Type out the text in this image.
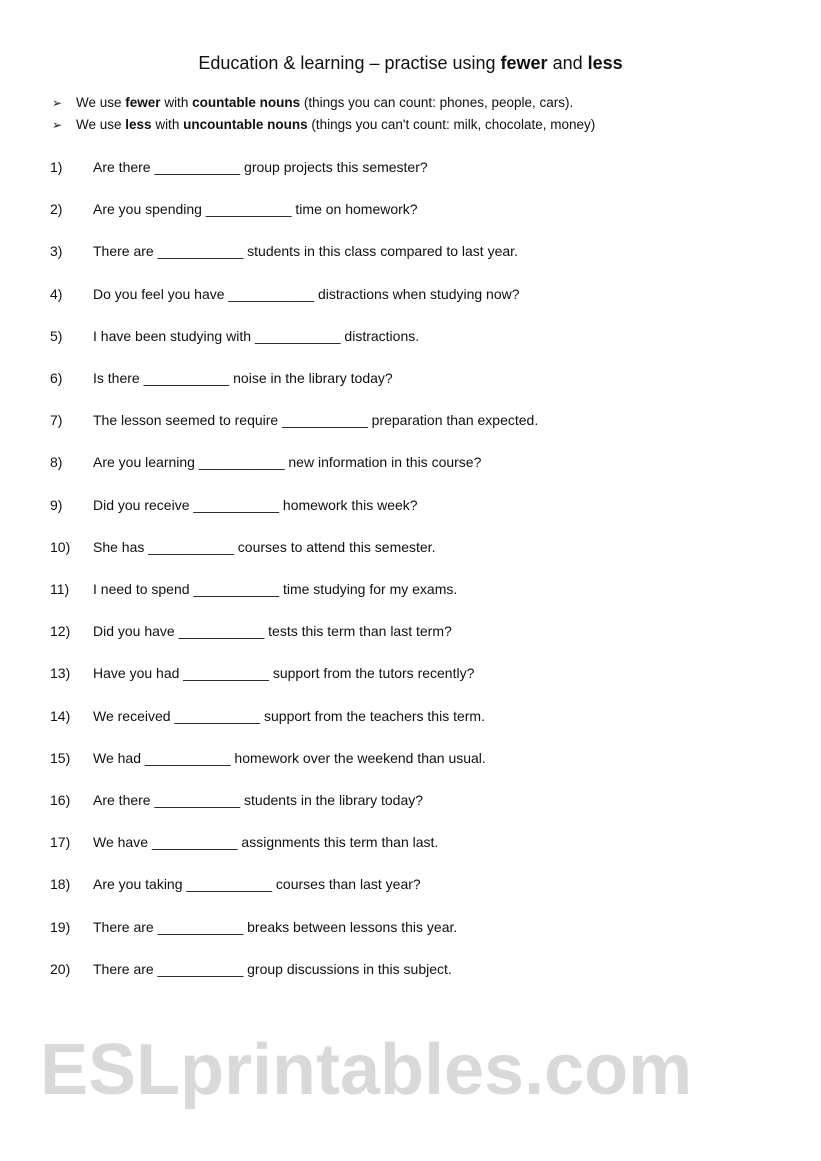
ESLprintables.com
Education & learning – practise using fewer and less
➢ We use fewer with countable nouns (things you can count: phones, people, cars).
➢ We use less with uncountable nouns (things you can't count: milk, chocolate, money)
1) Are there ___________ group projects this semester?
2) Are you spending ___________ time on homework?
3) There are ___________ students in this class compared to last year.
4) Do you feel you have ___________ distractions when studying now?
5) I have been studying with ___________ distractions.
6) Is there ___________ noise in the library today?
7) The lesson seemed to require ___________ preparation than expected.
8) Are you learning ___________ new information in this course?
9) Did you receive ___________ homework this week?
10) She has ___________ courses to attend this semester.
11) I need to spend ___________ time studying for my exams.
12) Did you have ___________ tests this term than last term?
13) Have you had ___________ support from the tutors recently?
14) We received ___________ support from the teachers this term.
15) We had ___________ homework over the weekend than usual.
16) Are there ___________ students in the library today?
17) We have ___________ assignments this term than last.
18) Are you taking ___________ courses than last year?
19) There are ___________ breaks between lessons this year.
20) There are ___________ group discussions in this subject.
